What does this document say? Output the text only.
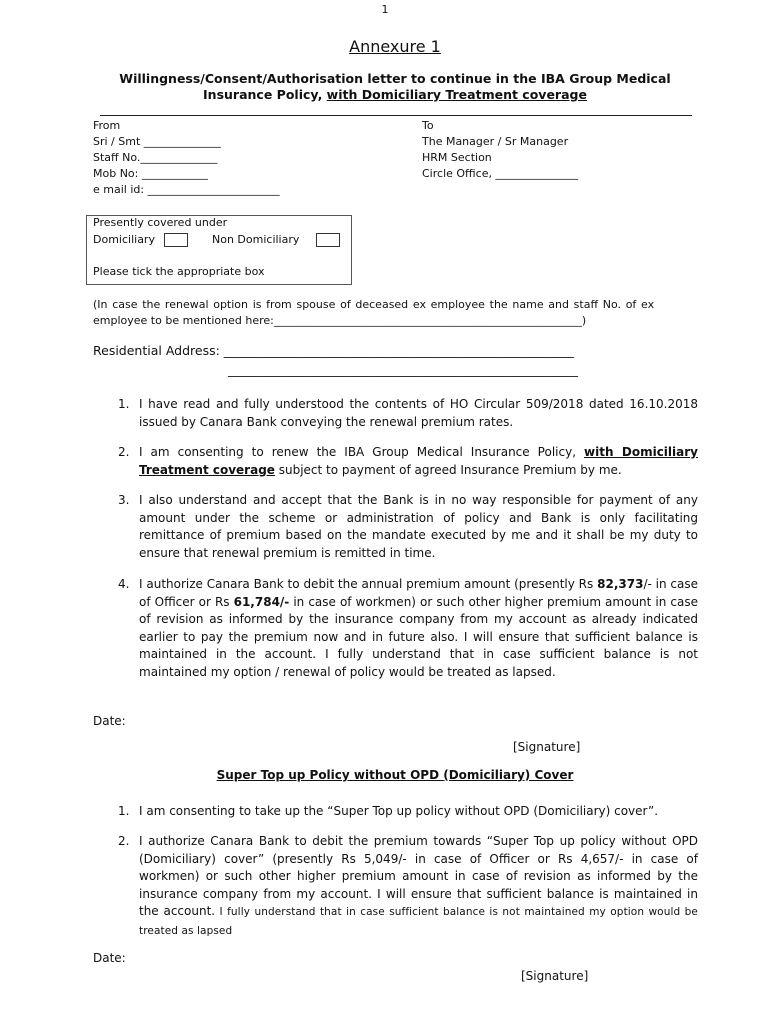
1
Annexure 1
Willingness/Consent/Authorisation letter to continue in the IBA Group Medical Insurance Policy, with Domiciliary Treatment coverage
From
Sri / Smt ______________
Staff No.______________
Mob No: ____________
e mail id: ________________________
To
The Manager / Sr Manager
HRM Section
Circle Office, _______________
Presently covered under
Domiciliary	Non Domiciliary
Please tick the appropriate box
(In case the renewal option is from spouse of deceased ex employee the name and staff No. of ex
employee to be mentioned here:________________________________________________________)
Residential Address: ________________________________________________________
________________________________________________________
1. I have read and fully understood the contents of HO Circular 509/2018 dated 16.10.2018 issued by Canara Bank conveying the renewal premium rates.
2. I am consenting to renew the IBA Group Medical Insurance Policy, with Domiciliary Treatment coverage subject to payment of agreed Insurance Premium by me.
3. I also understand and accept that the Bank is in no way responsible for payment of any amount under the scheme or administration of policy and Bank is only facilitating remittance of premium based on the mandate executed by me and it shall be my duty to ensure that renewal premium is remitted in time.
4. I authorize Canara Bank to debit the annual premium amount (presently Rs 82,373/- in case of Officer or Rs 61,784/- in case of workmen) or such other higher premium amount in case of revision as informed by the insurance company from my account as already indicated earlier to pay the premium now and in future also. I will ensure that sufficient balance is maintained in the account. I fully understand that in case sufficient balance is not maintained my option / renewal of policy would be treated as lapsed.
Date:
[Signature]
Super Top up Policy without OPD (Domiciliary) Cover
1. I am consenting to take up the “Super Top up policy without OPD (Domiciliary) cover”.
2. I authorize Canara Bank to debit the premium towards “Super Top up policy without OPD (Domiciliary) cover” (presently Rs 5,049/- in case of Officer or Rs 4,657/- in case of workmen) or such other higher premium amount in case of revision as informed by the insurance company from my account. I will ensure that sufficient balance is maintained in the account. I fully understand that in case sufficient balance is not maintained my option would be treated as lapsed
Date:
[Signature]
